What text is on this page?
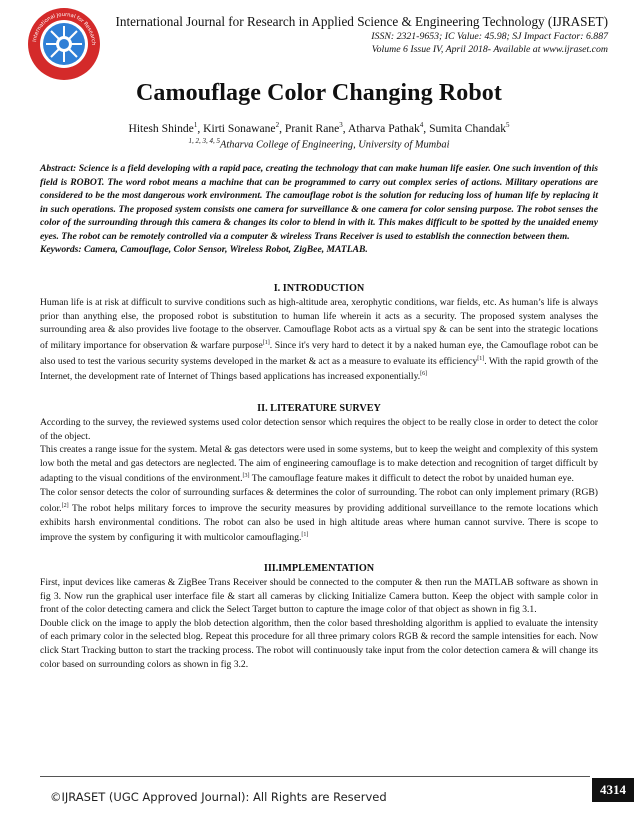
International Journal for Research
International Journal for Research in Applied Science & Engineering Technology (IJRASET)
ISSN: 2321-9653; IC Value: 45.98; SJ Impact Factor: 6.887
Volume 6 Issue IV, April 2018- Available at www.ijraset.com
Camouflage Color Changing Robot
Hitesh Shinde$^1$, Kirti Sonawane$^2$, Pranit Rane$^3$, Atharva Pathak$^4$, Sumita Chandak$^5$
$^{1, 2, 3, 4, 5}$Atharva College of Engineering, University of Mumbai

Abstract: Science is a field developing with a rapid pace, creating the technology that can make human life easier. One such invention of this field is ROBOT. The word robot means a machine that can be programmed to carry out complex series of actions. Military operations are considered to be the most dangerous work environment. The camouflage robot is the solution for reducing loss of human life by replacing it in such operations. The proposed system consists one camera for surveillance & one camera for color sensing purpose. The robot senses the color of the surrounding through this camera & changes its color to blend in with it. This makes difficult to be spotted by the unaided enemy eyes. The robot can be remotely controlled via a computer & wireless Trans Receiver is used to establish the connection between them.

Keywords: Camera, Camouflage, Color Sensor, Wireless Robot, ZigBee, MATLAB.

I. INTRODUCTION

Human life is at risk at difficult to survive conditions such as high-altitude area, xerophytic conditions, war fields, etc. As human’s life is always prior than anything else, the proposed robot is substitution to human life wherein it acts as a security. The proposed system analyses the surrounding area & also provides live footage to the observer. Camouflage Robot acts as a virtual spy & can be sent into the strategic locations of military importance for observation & warfare purpose[1]. Since it's very hard to detect it by a naked human eye, the Camouflage robot can be also used to test the various security systems developed in the market & act as a measure to evaluate its efficiency[1]. With the rapid growth of the Internet, the development rate of Internet of Things based applications has increased exponentially.[6]

II. LITERATURE SURVEY

According to the survey, the reviewed systems used color detection sensor which requires the object to be really close in order to detect the color of the object.

This creates a range issue for the system. Metal & gas detectors were used in some systems, but to keep the weight and complexity of this system low both the metal and gas detectors are neglected. The aim of engineering camouflage is to make detection and recognition of target difficult by adapting to the visual conditions of the environment.[3] The camouflage feature makes it difficult to detect the robot by unaided human eye.

The color sensor detects the color of surrounding surfaces & determines the color of surrounding. The robot can only implement primary (RGB) color.[2] The robot helps military forces to improve the security measures by providing additional surveillance to the remote locations which exhibits harsh environmental conditions. The robot can also be used in high altitude areas where human cannot survive. There is scope to improve the system by configuring it with multicolor camouflaging.[1]

III.IMPLEMENTATION

First, input devices like cameras & ZigBee Trans Receiver should be connected to the computer & then run the MATLAB software as shown in fig 3. Now run the graphical user interface file & start all cameras by clicking Initialize Camera button. Keep the object with sample color in front of the color detecting camera and click the Select Target button to capture the image color of that object as shown in fig 3.1.

Double click on the image to apply the blob detection algorithm, then the color based thresholding algorithm is applied to evaluate the intensity of each primary color in the selected blog. Repeat this procedure for all three primary colors RGB & record the sample intensities for each. Now click Start Tracking button to start the tracking process. The robot will continuously take input from the color detection camera & will change its color based on surrounding colors as shown in fig 3.2.

©IJRASET (UGC Approved Journal): All Rights are Reserved	4314
